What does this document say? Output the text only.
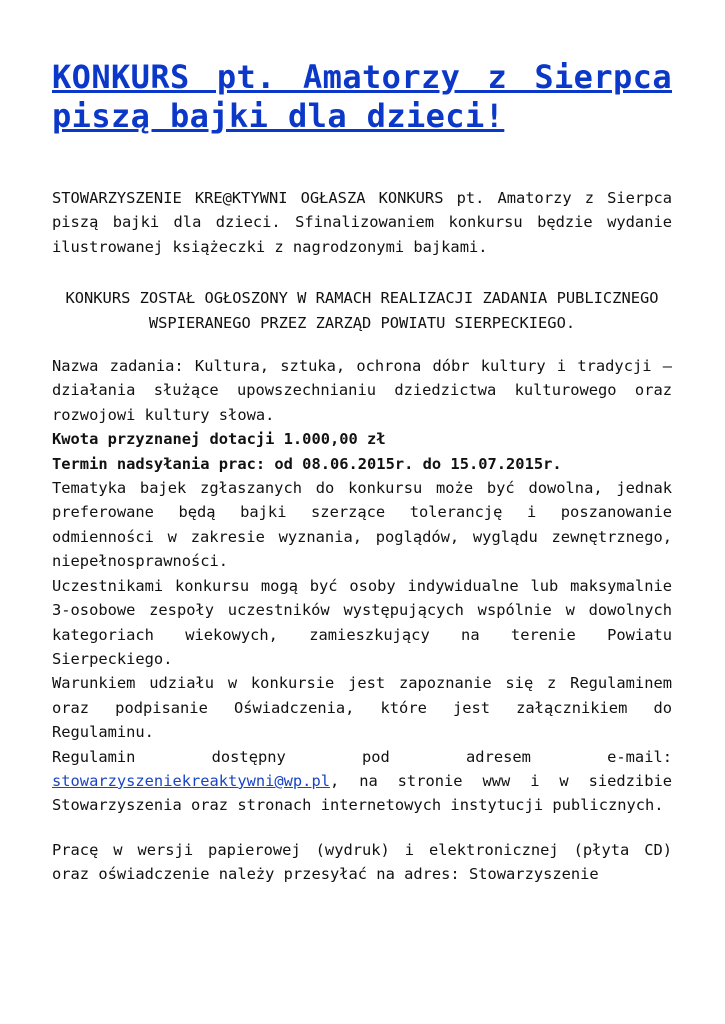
KONKURS pt. Amatorzy z Sierpca piszą bajki dla dzieci!

STOWARZYSZENIE KRE@KTYWNI OGŁASZA KONKURS pt. Amatorzy z Sierpca piszą bajki dla dzieci. Sfinalizowaniem konkursu będzie wydanie ilustrowanej książeczki z nagrodzonymi bajkami.

KONKURS ZOSTAŁ OGŁOSZONY W RAMACH REALIZACJI ZADANIA PUBLICZNEGO WSPIERANEGO PRZEZ ZARZĄD POWIATU SIERPECKIEGO.

Nazwa zadania: Kultura, sztuka, ochrona dóbr kultury i tradycji – działania służące upowszechnianiu dziedzictwa kulturowego oraz rozwojowi kultury słowa.

Kwota przyznanej dotacji 1.000,00 zł

Termin nadsyłania prac: od 08.06.2015r. do 15.07.2015r.

Tematyka bajek zgłaszanych do konkursu może być dowolna, jednak preferowane będą bajki szerzące tolerancję i poszanowanie odmienności w zakresie wyznania, poglądów, wyglądu zewnętrznego, niepełnosprawności.

Uczestnikami konkursu mogą być osoby indywidualne lub maksymalnie 3-osobowe zespoły uczestników występujących wspólnie w dowolnych kategoriach wiekowych, zamieszkujący na terenie Powiatu Sierpeckiego.

Warunkiem udziału w konkursie jest zapoznanie się z Regulaminem oraz podpisanie Oświadczenia, które jest załącznikiem do Regulaminu.

Regulamin dostępny pod adresem e-mail:
stowarzyszeniekreaktywni@wp.pl, na stronie www i w siedzibie Stowarzyszenia oraz stronach internetowych instytucji publicznych.

Pracę w wersji papierowej (wydruk) i elektronicznej (płyta CD) oraz oświadczenie należy przesyłać na adres: Stowarzyszenie
